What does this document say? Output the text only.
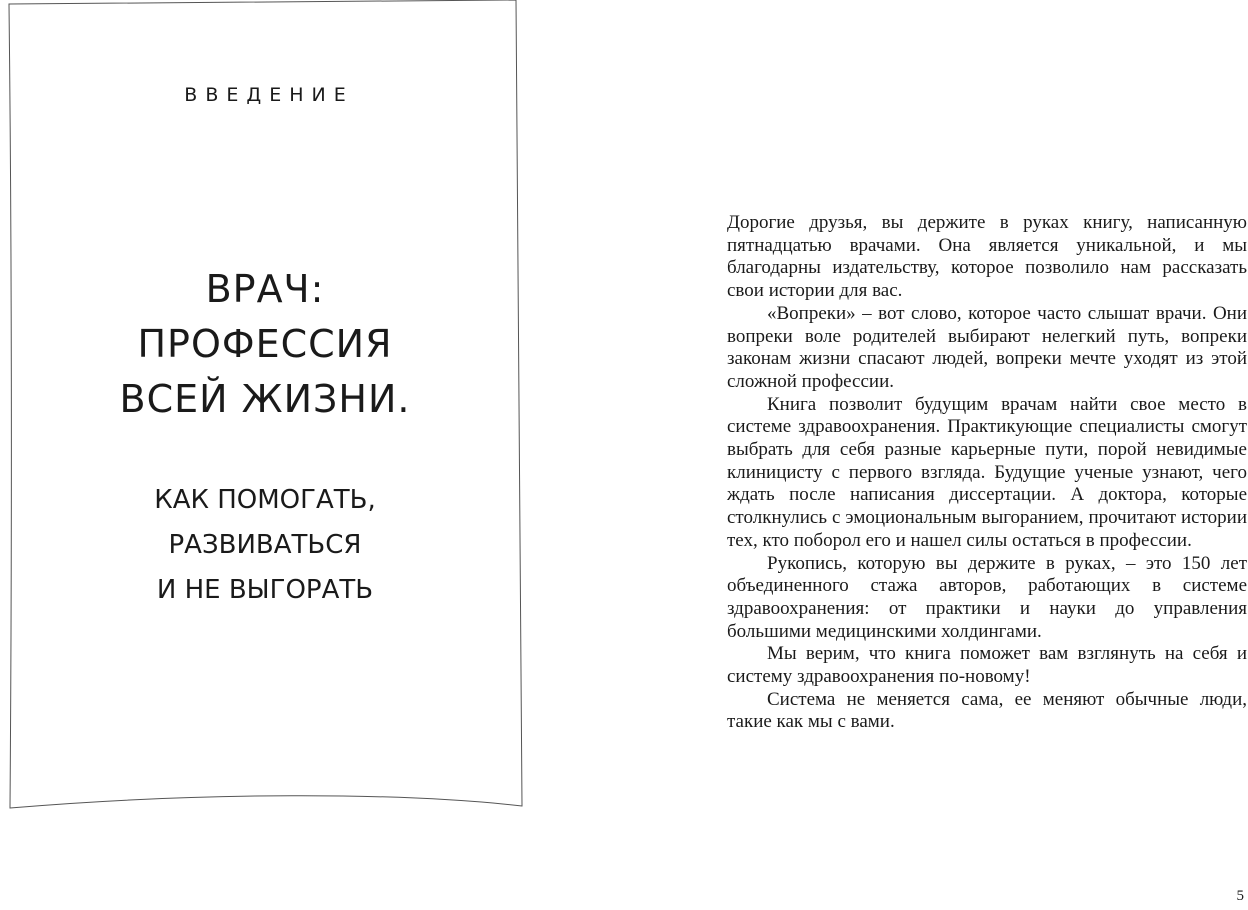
ВВЕДЕНИЕ
ВРАЧ:
ПРОФЕССИЯ
ВСЕЙ ЖИЗНИ.
КАК ПОМОГАТЬ,
РАЗВИВАТЬСЯ
И НЕ ВЫГОРАТЬ

Дорогие друзья, вы держите в руках книгу, написанную пятнадцатью врачами. Она является уникальной, и мы благодарны издательству, которое позволило нам рассказать свои истории для вас.

«Вопреки» – вот слово, которое часто слышат врачи. Они вопреки воле родителей выбирают нелегкий путь, вопреки законам жизни спасают людей, вопреки мечте уходят из этой сложной профессии.

Книга позволит будущим врачам найти свое место в системе здравоохранения. Практикующие специалисты смогут выбрать для себя разные карьерные пути, порой невидимые клиницисту с первого взгляда. Будущие ученые узнают, чего ждать после написания диссертации. А доктора, которые столкнулись с эмоциональным выгоранием, прочитают истории тех, кто поборол его и нашел силы остаться в профессии.

Рукопись, которую вы держите в руках, – это 150 лет объединенного стажа авторов, работающих в системе здравоохранения: от практики и науки до управления большими медицинскими холдингами.

Мы верим, что книга поможет вам взглянуть на себя и систему здравоохранения по-новому!

Система не меняется сама, ее меняют обычные люди, такие как мы с вами.

5
